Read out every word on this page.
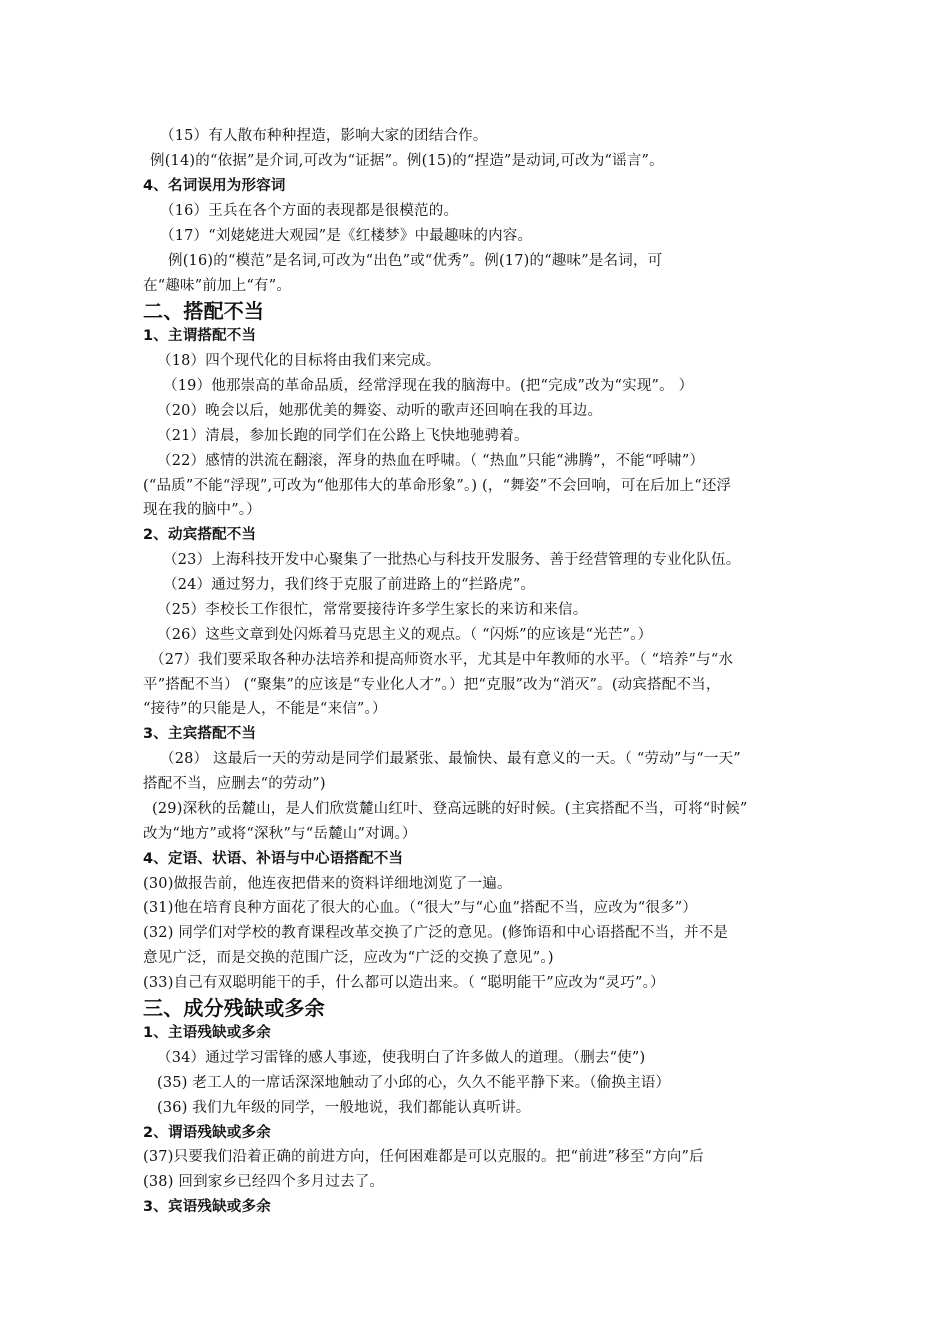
（15）有人散布种种捏造，影响大家的团结合作。
例(14)的“依据”是介词,可改为“证据”。例(15)的“捏造”是动词,可改为“谣言”。
4、名词误用为形容词
（16）王兵在各个方面的表现都是很模范的。
（17）“刘姥姥进大观园”是《红楼梦》中最趣味的内容。
例(16)的“模范”是名词,可改为“出色”或“优秀”。例(17)的“趣味”是名词，可
在“趣味”前加上“有”。
二、搭配不当
1、主谓搭配不当
（18）四个现代化的目标将由我们来完成。
（19）他那崇高的革命品质，经常浮现在我的脑海中。(把“完成”改为“实现”。 ）
（20）晚会以后，她那优美的舞姿、动听的歌声还回响在我的耳边。
（21）清晨，参加长跑的同学们在公路上飞快地驰骋着。
（22）感情的洪流在翻滚，浑身的热血在呼啸。（ “热血”只能“沸腾”，不能“呼啸”）
(“品质”不能“浮现”,可改为“他那伟大的革命形象”。) (，“舞姿”不会回响，可在后加上“还浮
现在我的脑中”。）
2、动宾搭配不当
（23）上海科技开发中心聚集了一批热心与科技开发服务、善于经营管理的专业化队伍。
（24）通过努力，我们终于克服了前进路上的“拦路虎”。
（25）李校长工作很忙，常常要接待许多学生家长的来访和来信。
（26）这些文章到处闪烁着马克思主义的观点。（ “闪烁”的应该是“光芒”。）
（27）我们要采取各种办法培养和提高师资水平，尤其是中年教师的水平。（ “培养”与“水
平”搭配不当） (“聚集”的应该是“专业化人才”。）把“克服”改为“消灭”。(动宾搭配不当，
“接待”的只能是人，不能是“来信”。）
3、主宾搭配不当
（28） 这最后一天的劳动是同学们最紧张、最愉快、最有意义的一天。（ “劳动”与“一天”
搭配不当，应删去“的劳动”)
(29)深秋的岳麓山，是人们欣赏麓山红叶、登高远眺的好时候。(主宾搭配不当，可将“时候”
改为“地方”或将“深秋”与“岳麓山”对调。）
4、定语、状语、补语与中心语搭配不当
(30)做报告前，他连夜把借来的资料详细地浏览了一遍。
(31)他在培育良种方面花了很大的心血。（“很大”与“心血”搭配不当，应改为“很多”）
(32) 同学们对学校的教育课程改革交换了广泛的意见。(修饰语和中心语搭配不当，并不是
意见广泛，而是交换的范围广泛，应改为“广泛的交换了意见”。)
(33)自己有双聪明能干的手，什么都可以造出来。（ “聪明能干”应改为“灵巧”。）
三、成分残缺或多余
1、主语残缺或多余
（34）通过学习雷锋的感人事迹，使我明白了许多做人的道理。（删去“使”)
(35) 老工人的一席话深深地触动了小邱的心，久久不能平静下来。（偷换主语）
(36) 我们九年级的同学，一般地说，我们都能认真听讲。
2、谓语残缺或多余
(37)只要我们沿着正确的前进方向，任何困难都是可以克服的。把“前进”移至“方向”后
(38) 回到家乡已经四个多月过去了。
3、宾语残缺或多余
